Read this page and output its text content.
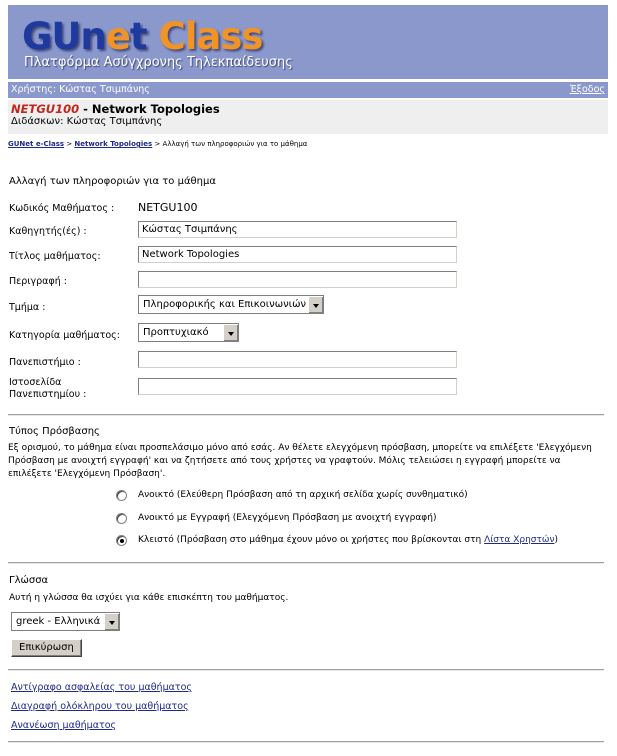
GUnet Class
Πλατφόρμα Ασύγχρονης Τηλεκπαίδευσης
Χρήστης: Κώστας Τσιμπάνης	Έξοδος
NETGU100 - Network Topologies
Διδάσκων: Κώστας Τσιμπάνης
GUNet e-Class > Network Topologies > Αλλαγή των πληροφοριών για το μάθημα
Αλλαγή των πληροφοριών για το μάθημα
Κωδικός Μαθήματος : NETGU100
Καθηγητής(ές) :	Κώστας Τσιμπάνης
Τίτλος μαθήματος:	Network Topologies
Περιγραφή :
Τμήμα :	Πληροφορικής και Επικοινωνιών
Κατηγορία μαθήματος:	Προπτυχιακό
Πανεπιστήμιο :
Ιστοσελίδα
Πανεπιστημίου :
Τύπος Πρόσβασης
Εξ ορισμού, το μάθημα είναι προσπελάσιμο μόνο από εσάς. Αν θέλετε ελεγχόμενη πρόσβαση, μπορείτε να επιλέξετε 'Ελεγχόμενη Πρόσβαση με ανοιχτή εγγραφή' και να ζητήσετε από τους χρήστες να γραφτούν. Μόλις τελειώσει η εγγραφή μπορείτε να επιλέξετε 'Ελεγχόμενη Πρόσβαση'.
Ανοικτό (Ελεύθερη Πρόσβαση από τη αρχική σελίδα χωρίς συνθηματικό)
Ανοικτό με Εγγραφή (Ελεγχόμενη Πρόσβαση με ανοιχτή εγγραφή)
Κλειστό (Πρόσβαση στο μάθημα έχουν μόνο οι χρήστες που βρίσκονται στη Λίστα Χρηστών)
Γλώσσα
Αυτή η γλώσσα θα ισχύει για κάθε επισκέπτη του μαθήματος.
greek - Ελληνικά
Επικύρωση
Αντίγραφο ασφαλείας του μαθήματος
Διαγραφή ολόκληρου του μαθήματος
Ανανέωση μαθήματος
